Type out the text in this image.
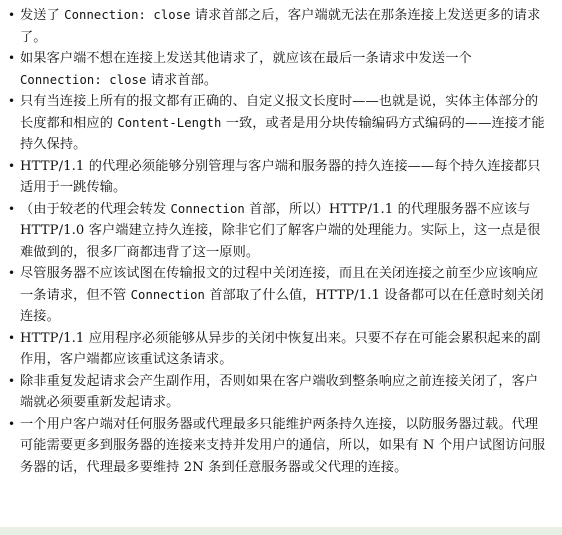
• 发送了 Connection: close 请求首部之后，客户端就无法在那条连接上发送更多的请求了。
• 如果客户端不想在连接上发送其他请求了，就应该在最后一条请求中发送一个 Connection: close 请求首部。
• 只有当连接上所有的报文都有正确的、自定义报文长度时——也就是说，实体主体部分的长度都和相应的 Content-Length 一致，或者是用分块传输编码方式编码的——连接才能持久保持。
• HTTP/1.1 的代理必须能够分别管理与客户端和服务器的持久连接——每个持久连接都只适用于一跳传输。
• （由于较老的代理会转发 Connection 首部，所以）HTTP/1.1 的代理服务器不应该与 HTTP/1.0 客户端建立持久连接，除非它们了解客户端的处理能力。实际上，这一点是很难做到的，很多厂商都违背了这一原则。
• 尽管服务器不应该试图在传输报文的过程中关闭连接，而且在关闭连接之前至少应该响应一条请求，但不管 Connection 首部取了什么值，HTTP/1.1 设备都可以在任意时刻关闭连接。
• HTTP/1.1 应用程序必须能够从异步的关闭中恢复出来。只要不存在可能会累积起来的副作用，客户端都应该重试这条请求。
• 除非重复发起请求会产生副作用，否则如果在客户端收到整条响应之前连接关闭了，客户端就必须要重新发起请求。
• 一个用户客户端对任何服务器或代理最多只能维护两条持久连接，以防服务器过载。代理可能需要更多到服务器的连接来支持并发用户的通信，所以，如果有 N 个用户试图访问服务器的话，代理最多要维持 2N 条到任意服务器或父代理的连接。
